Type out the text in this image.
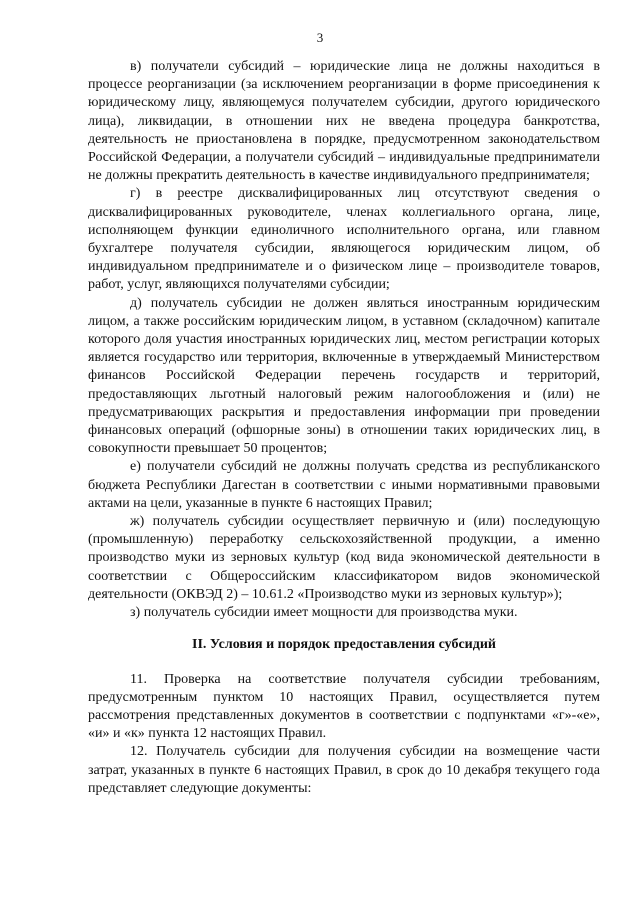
3

в) получатели субсидий – юридические лица не должны находиться в процессе реорганизации (за исключением реорганизации в форме присоединения к юридическому лицу, являющемуся получателем субсидии, другого юридического лица), ликвидации, в отношении них не введена процедура банкротства, деятельность не приостановлена в порядке, предусмотренном законодательством Российской Федерации, а получатели субсидий – индивидуальные предприниматели не должны прекратить деятельность в качестве индивидуального предпринимателя;

г) в реестре дисквалифицированных лиц отсутствуют сведения о дисквалифицированных руководителе, членах коллегиального органа, лице, исполняющем функции единоличного исполнительного органа, или главном бухгалтере получателя субсидии, являющегося юридическим лицом, об индивидуальном предпринимателе и о физическом лице – производителе товаров, работ, услуг, являющихся получателями субсидии;

д) получатель субсидии не должен являться иностранным юридическим лицом, а также российским юридическим лицом, в уставном (складочном) капитале которого доля участия иностранных юридических лиц, местом регистрации которых является государство или территория, включенные в утверждаемый Министерством финансов Российской Федерации перечень государств и территорий, предоставляющих льготный налоговый режим налогообложения и (или) не предусматривающих раскрытия и предоставления информации при проведении финансовых операций (офшорные зоны) в отношении таких юридических лиц, в совокупности превышает 50 процентов;

е) получатели субсидий не должны получать средства из республиканского бюджета Республики Дагестан в соответствии с иными нормативными правовыми актами на цели, указанные в пункте 6 настоящих Правил;

ж) получатель субсидии осуществляет первичную и (или) последующую (промышленную) переработку сельскохозяйственной продукции, а именно производство муки из зерновых культур (код вида экономической деятельности в соответствии с Общероссийским классификатором видов экономической деятельности (ОКВЭД 2) – 10.61.2 «Производство муки из зерновых культур»);

з) получатель субсидии имеет мощности для производства муки.

II. Условия и порядок предоставления субсидий

11. Проверка на соответствие получателя субсидии требованиям, предусмотренным пунктом 10 настоящих Правил, осуществляется путем рассмотрения представленных документов в соответствии с подпунктами «г»-«е», «и» и «к» пункта 12 настоящих Правил.

12. Получатель субсидии для получения субсидии на возмещение части затрат, указанных в пункте 6 настоящих Правил, в срок до 10 декабря текущего года представляет следующие документы:
